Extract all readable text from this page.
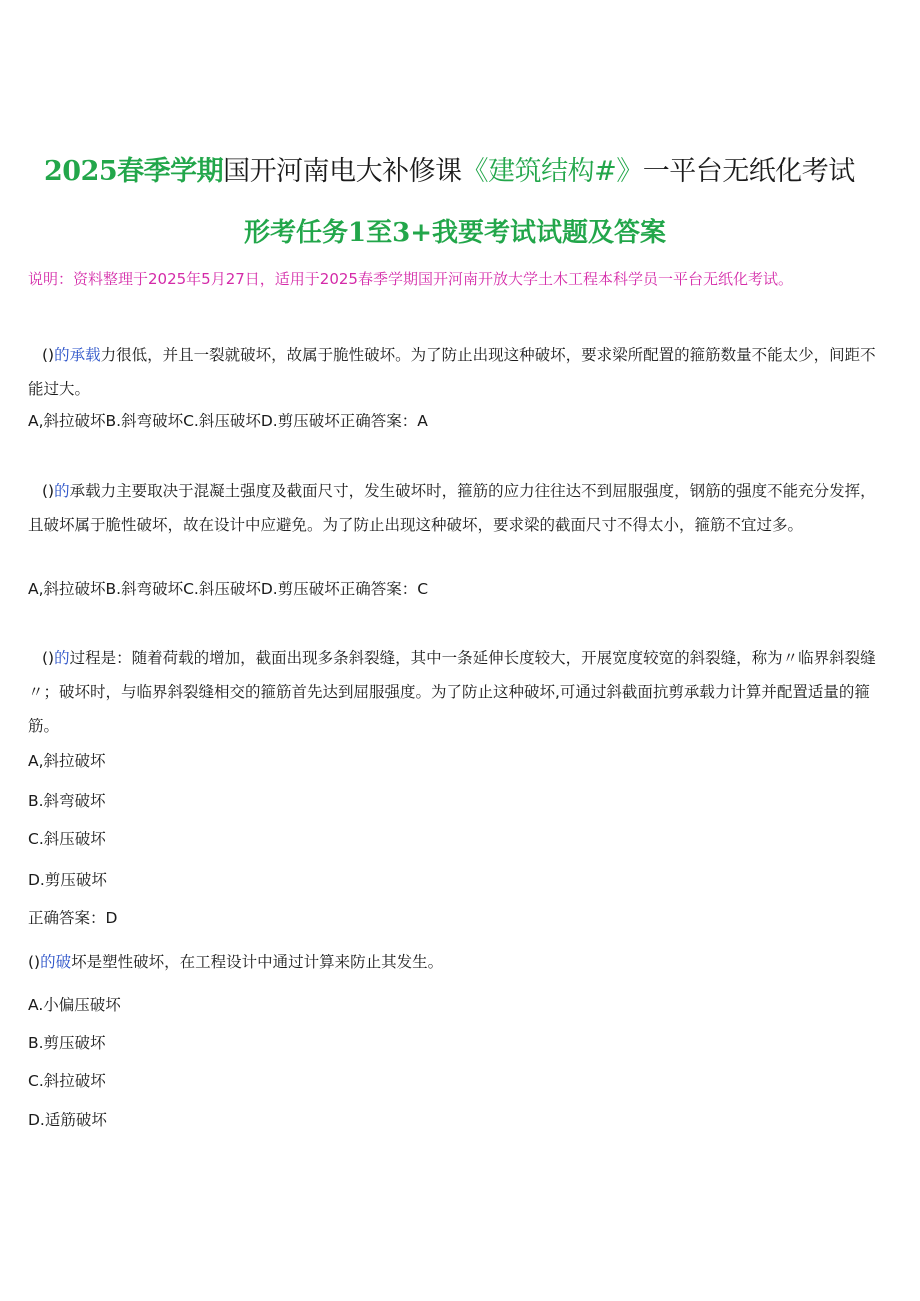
2025春季学期国开河南电大补修课《建筑结构#》一平台无纸化考试
形考任务1至3+我要考试试题及答案
说明：资料整理于2025年5月27日，适用于2025春季学期国开河南开放大学土木工程本科学员一平台无纸化考试。
()的承载力很低，并且一裂就破坏，故属于脆性破坏。为了防止出现这种破坏，要求梁所配置的箍筋数量不能太少，间距不能过大。
A,斜拉破坏B.斜弯破坏C.斜压破坏D.剪压破坏正确答案：A
()的承载力主要取决于混凝土强度及截面尺寸，发生破坏时，箍筋的应力往往达不到屈服强度，钢筋的强度不能充分发挥，且破坏属于脆性破坏，故在设计中应避免。为了防止出现这种破坏，要求梁的截面尺寸不得太小，箍筋不宜过多。
A,斜拉破坏B.斜弯破坏C.斜压破坏D.剪压破坏正确答案：C
()的过程是：随着荷载的增加，截面出现多条斜裂缝，其中一条延伸长度较大，开展宽度较宽的斜裂缝，称为〃临界斜裂缝〃；破坏时，与临界斜裂缝相交的箍筋首先达到屈服强度。为了防止这种破坏,可通过斜截面抗剪承载力计算并配置适量的箍筋。
A,斜拉破坏
B.斜弯破坏
C.斜压破坏
D.剪压破坏
正确答案：D
()的破坏是塑性破坏，在工程设计中通过计算来防止其发生。
A.小偏压破坏
B.剪压破坏
C.斜拉破坏
D.适筋破坏
